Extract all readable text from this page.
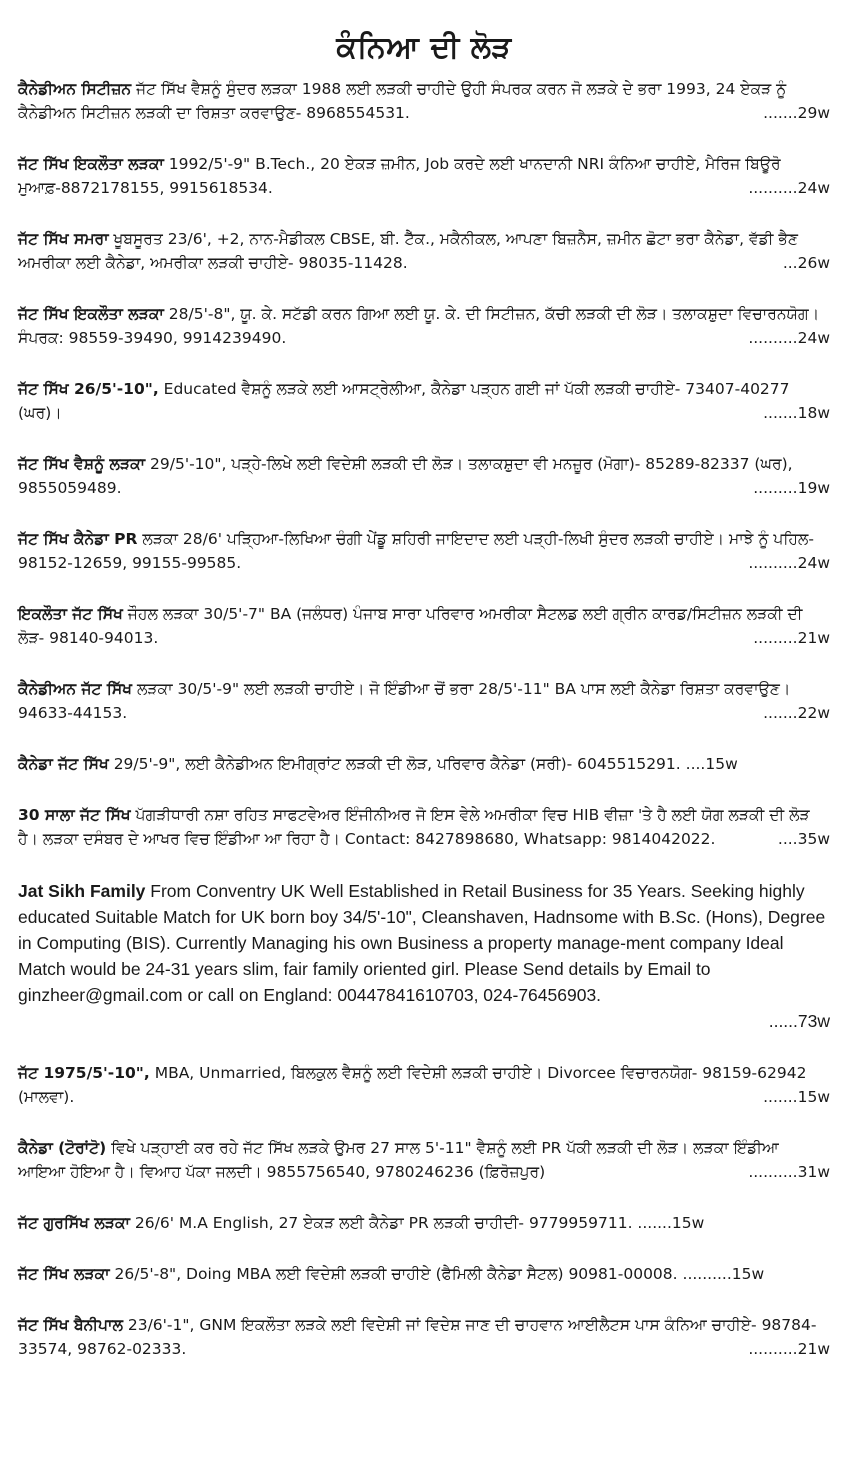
ਕੰਨਿਆ ਦੀ ਲੋੜ
ਕੈਨੇਡੀਅਨ ਸਿਟੀਜ਼ਨ ਜੱਟ ਸਿੱਖ ਵੈਸ਼ਨੂੰ ਸੁੰਦਰ ਲੜਕਾ 1988 ਲਈ ਲੜਕੀ ਚਾਹੀਦੇ ਉਹੀ ਸੰਪਰਕ ਕਰਨ ਜੋ ਲੜਕੇ ਦੇ ਭਰਾ 1993, 24 ਏਕੜ ਨੂੰ ਕੈਨੇਡੀਅਨ ਸਿਟੀਜ਼ਨ ਲੜਕੀ ਦਾ ਰਿਸ਼ਤਾ ਕਰਵਾਉਣ- 8968554531.	.......29w
ਜੱਟ ਸਿੱਖ ਇਕਲੌਤਾ ਲੜਕਾ 1992/5'-9" B.Tech., 20 ਏਕੜ ਜ਼ਮੀਨ, Job ਕਰਦੇ ਲਈ ਖਾਨਦਾਨੀ NRI ਕੰਨਿਆ ਚਾਹੀਏ, ਮੈਰਿਜ ਬਿਊਰੋ ਮੁਆਫ਼-8872178155, 9915618534.	..........24w
ਜੱਟ ਸਿੱਖ ਸਮਰਾ ਖੂਬਸੂਰਤ 23/6', +2, ਨਾਨ-ਮੈਡੀਕਲ CBSE, ਬੀ. ਟੈੱਕ., ਮਕੈਨੀਕਲ, ਆਪਣਾ ਬਿਜ਼ਨੈਸ, ਜ਼ਮੀਨ ਛੋਟਾ ਭਰਾ ਕੈਨੇਡਾ, ਵੱਡੀ ਭੈਣ ਅਮਰੀਕਾ ਲਈ ਕੈਨੇਡਾ, ਅਮਰੀਕਾ ਲੜਕੀ ਚਾਹੀਏ- 98035-11428.	...26w
ਜੱਟ ਸਿੱਖ ਇਕਲੌਤਾ ਲੜਕਾ 28/5'-8", ਯੂ. ਕੇ. ਸਟੱਡੀ ਕਰਨ ਗਿਆ ਲਈ ਯੂ. ਕੇ. ਦੀ ਸਿਟੀਜ਼ਨ, ਕੱਚੀ ਲੜਕੀ ਦੀ ਲੋੜ। ਤਲਾਕਸ਼ੁਦਾ ਵਿਚਾਰਨਯੋਗ। ਸੰਪਰਕ: 98559-39490, 9914239490.	..........24w
ਜੱਟ ਸਿੱਖ 26/5'-10", Educated ਵੈਸ਼ਨੂੰ ਲੜਕੇ ਲਈ ਆਸਟ੍ਰੇਲੀਆ, ਕੈਨੇਡਾ ਪੜ੍ਹਨ ਗਈ ਜਾਂ ਪੱਕੀ ਲੜਕੀ ਚਾਹੀਏ- 73407-40277 (ਘਰ)।	.......18w
ਜੱਟ ਸਿੱਖ ਵੈਸ਼ਨੂੰ ਲੜਕਾ 29/5'-10", ਪੜ੍ਹੇ-ਲਿਖੇ ਲਈ ਵਿਦੇਸ਼ੀ ਲੜਕੀ ਦੀ ਲੋੜ। ਤਲਾਕਸ਼ੁਦਾ ਵੀ ਮਨਜ਼ੂਰ (ਮੋਗਾ)- 85289-82337 (ਘਰ), 9855059489.	.........19w
ਜੱਟ ਸਿੱਖ ਕੈਨੇਡਾ PR ਲੜਕਾ 28/6' ਪੜ੍ਹਿਆ-ਲਿਖਿਆ ਚੰਗੀ ਪੇਂਡੂ ਸ਼ਹਿਰੀ ਜਾਇਦਾਦ ਲਈ ਪੜ੍ਹੀ-ਲਿਖੀ ਸੁੰਦਰ ਲੜਕੀ ਚਾਹੀਏ। ਮਾਝੇ ਨੂੰ ਪਹਿਲ- 98152-12659, 99155-99585.	..........24w
ਇਕਲੌਤਾ ਜੱਟ ਸਿੱਖ ਜੌਹਲ ਲੜਕਾ 30/5'-7" BA (ਜਲੰਧਰ) ਪੰਜਾਬ ਸਾਰਾ ਪਰਿਵਾਰ ਅਮਰੀਕਾ ਸੈਟਲਡ ਲਈ ਗ੍ਰੀਨ ਕਾਰਡ/ਸਿਟੀਜ਼ਨ ਲੜਕੀ ਦੀ ਲੋੜ- 98140-94013.	.........21w
ਕੈਨੇਡੀਅਨ ਜੱਟ ਸਿੱਖ ਲੜਕਾ 30/5'-9" ਲਈ ਲੜਕੀ ਚਾਹੀਏ। ਜੋ ਇੰਡੀਆ ਚੋਂ ਭਰਾ 28/5'-11" BA ਪਾਸ ਲਈ ਕੈਨੇਡਾ ਰਿਸ਼ਤਾ ਕਰਵਾਉਣ। 94633-44153.	.......22w
ਕੈਨੇਡਾ ਜੱਟ ਸਿੱਖ 29/5'-9", ਲਈ ਕੈਨੇਡੀਅਨ ਇਮੀਗ੍ਰਾਂਟ ਲੜਕੀ ਦੀ ਲੋੜ, ਪਰਿਵਾਰ ਕੈਨੇਡਾ (ਸਰੀ)- 6045515291. ....15w
30 ਸਾਲਾ ਜੱਟ ਸਿੱਖ ਪੱਗੜੀਧਾਰੀ ਨਸ਼ਾ ਰਹਿਤ ਸਾਫਟਵੇਅਰ ਇੰਜੀਨੀਅਰ ਜੋ ਇਸ ਵੇਲੇ ਅਮਰੀਕਾ ਵਿਚ HIB ਵੀਜ਼ਾ 'ਤੇ ਹੈ ਲਈ ਯੋਗ ਲੜਕੀ ਦੀ ਲੋੜ ਹੈ। ਲੜਕਾ ਦਸੰਬਰ ਦੇ ਆਖਰ ਵਿਚ ਇੰਡੀਆ ਆ ਰਿਹਾ ਹੈ। Contact: 8427898680, Whatsapp: 9814042022.	....35w
Jat Sikh Family From Conventry UK Well Established in Retail Business for 35 Years. Seeking highly educated Suitable Match for UK born boy 34/5'-10", Cleanshaven, Hadnsome with B.Sc. (Hons), Degree in Computing (BIS). Currently Managing his own Business a property manage-ment company Ideal Match would be 24-31 years slim, fair family oriented girl. Please Send details by Email to ginzheer@gmail.com or call on England: 00447841610703, 024-76456903.
......73w
ਜੱਟ 1975/5'-10", MBA, Unmarried, ਬਿਲਕੁਲ ਵੈਸ਼ਨੂੰ ਲਈ ਵਿਦੇਸ਼ੀ ਲੜਕੀ ਚਾਹੀਏ। Divorcee ਵਿਚਾਰਨਯੋਗ- 98159-62942 (ਮਾਲਵਾ).	.......15w
ਕੈਨੇਡਾ (ਟੋਰਾਂਟੋ) ਵਿਖੇ ਪੜ੍ਹਾਈ ਕਰ ਰਹੇ ਜੱਟ ਸਿੱਖ ਲੜਕੇ ਉਮਰ 27 ਸਾਲ 5'-11" ਵੈਸ਼ਨੂੰ ਲਈ PR ਪੱਕੀ ਲੜਕੀ ਦੀ ਲੋੜ। ਲੜਕਾ ਇੰਡੀਆ ਆਇਆ ਹੋਇਆ ਹੈ। ਵਿਆਹ ਪੱਕਾ ਜਲਦੀ। 9855756540, 9780246236 (ਫ਼ਿਰੋਜ਼ਪੁਰ)	..........31w
ਜੱਟ ਗੁਰਸਿੱਖ ਲੜਕਾ 26/6' M.A English, 27 ਏਕੜ ਲਈ ਕੈਨੇਡਾ PR ਲੜਕੀ ਚਾਹੀਦੀ- 9779959711. .......15w
ਜੱਟ ਸਿੱਖ ਲੜਕਾ 26/5'-8", Doing MBA ਲਈ ਵਿਦੇਸ਼ੀ ਲੜਕੀ ਚਾਹੀਏ (ਫੈਮਿਲੀ ਕੈਨੇਡਾ ਸੈਟਲ) 90981-00008. ..........15w
ਜੱਟ ਸਿੱਖ ਬੈਨੀਪਾਲ 23/6'-1", GNM ਇਕਲੌਤਾ ਲੜਕੇ ਲਈ ਵਿਦੇਸ਼ੀ ਜਾਂ ਵਿਦੇਸ਼ ਜਾਣ ਦੀ ਚਾਹਵਾਨ ਆਈਲੈਟਸ ਪਾਸ ਕੰਨਿਆ ਚਾਹੀਏ- 98784-33574, 98762-02333.	..........21w
